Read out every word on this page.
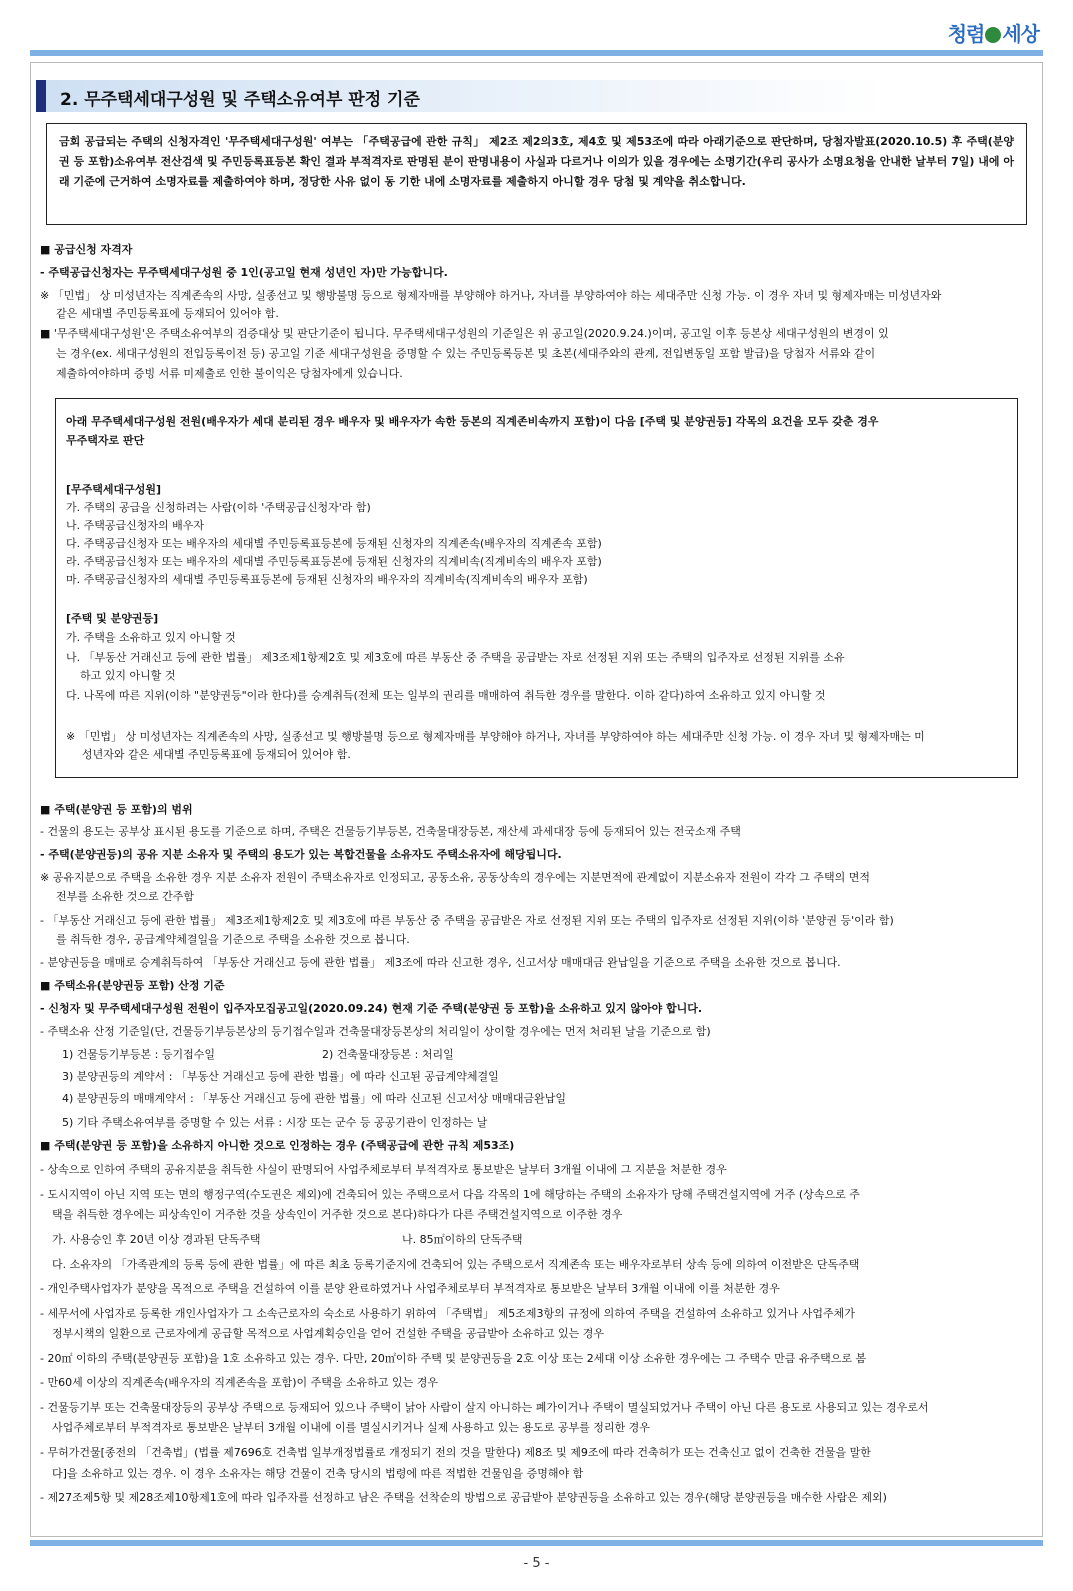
청렴 세상
2. 무주택세대구성원 및 주택소유여부 판정 기준
금회 공급되는 주택의 신청자격인 '무주택세대구성원' 여부는 「주택공급에 관한 규칙」 제2조 제2의3호, 제4호 및 제53조에 따라 아래기준으로 판단하며, 당첨자발표(2020.10.5) 후 주택(분양권 등 포함)소유여부 전산검색 및 주민등록표등본 확인 결과 부적격자로 판명된 분이 판명내용이 사실과 다르거나 이의가 있을 경우에는 소명기간(우리 공사가 소명요청을 안내한 날부터 7일) 내에 아래 기준에 근거하여 소명자료를 제출하여야 하며, 정당한 사유 없이 동 기한 내에 소명자료를 제출하지 아니할 경우 당첨 및 계약을 취소합니다.
■ 공급신청 자격자
- 주택공급신청자는 무주택세대구성원 중 1인(공고일 현재 성년인 자)만 가능합니다.
※ 「민법」 상 미성년자는 직계존속의 사망, 실종선고 및 행방불명 등으로 형제자매를 부양해야 하거나, 자녀를 부양하여야 하는 세대주만 신청 가능. 이 경우 자녀 및 형제자매는 미성년자와
같은 세대별 주민등록표에 등재되어 있어야 함.
■ '무주택세대구성원'은 주택소유여부의 검증대상 및 판단기준이 됩니다. 무주택세대구성원의 기준일은 위 공고일(2020.9.24.)이며, 공고일 이후 등본상 세대구성원의 변경이 있
는 경우(ex. 세대구성원의 전입등록이전 등) 공고일 기준 세대구성원을 증명할 수 있는 주민등록등본 및 초본(세대주와의 관계, 전입변동일 포함 발급)을 당첨자 서류와 같이
제출하여야하며 증빙 서류 미제출로 인한 불이익은 당첨자에게 있습니다.
아래 무주택세대구성원 전원(배우자가 세대 분리된 경우 배우자 및 배우자가 속한 등본의 직계존비속까지 포함)이 다음 [주택 및 분양권등] 각목의 요건을 모두 갖춘 경우
무주택자로 판단
[무주택세대구성원]
가. 주택의 공급을 신청하려는 사람(이하 '주택공급신청자'라 함)
나. 주택공급신청자의 배우자
다. 주택공급신청자 또는 배우자의 세대별 주민등록표등본에 등재된 신청자의 직계존속(배우자의 직계존속 포함)
라. 주택공급신청자 또는 배우자의 세대별 주민등록표등본에 등재된 신청자의 직계비속(직계비속의 배우자 포함)
마. 주택공급신청자의 세대별 주민등록표등본에 등재된 신청자의 배우자의 직계비속(직계비속의 배우자 포함)
[주택 및 분양권등]
가. 주택을 소유하고 있지 아니할 것
나. 「부동산 거래신고 등에 관한 법률」 제3조제1항제2호 및 제3호에 따른 부동산 중 주택을 공급받는 자로 선정된 지위 또는 주택의 입주자로 선정된 지위를 소유
하고 있지 아니할 것
다. 나목에 따른 지위(이하 "분양권등"이라 한다)를 승계취득(전체 또는 일부의 권리를 매매하여 취득한 경우를 말한다. 이하 같다)하여 소유하고 있지 아니할 것
※ 「민법」 상 미성년자는 직계존속의 사망, 실종선고 및 행방불명 등으로 형제자매를 부양해야 하거나, 자녀를 부양하여야 하는 세대주만 신청 가능. 이 경우 자녀 및 형제자매는 미
성년자와 같은 세대별 주민등록표에 등재되어 있어야 함.
■ 주택(분양권 등 포함)의 범위
- 건물의 용도는 공부상 표시된 용도를 기준으로 하며, 주택은 건물등기부등본, 건축물대장등본, 재산세 과세대장 등에 등재되어 있는 전국소재 주택
- 주택(분양권등)의 공유 지분 소유자 및 주택의 용도가 있는 복합건물을 소유자도 주택소유자에 해당됩니다.
※ 공유지분으로 주택을 소유한 경우 지분 소유자 전원이 주택소유자로 인정되고, 공동소유, 공동상속의 경우에는 지분면적에 관계없이 지분소유자 전원이 각각 그 주택의 면적
전부를 소유한 것으로 간주함
- 「부동산 거래신고 등에 관한 법률」 제3조제1항제2호 및 제3호에 따른 부동산 중 주택을 공급받은 자로 선정된 지위 또는 주택의 입주자로 선정된 지위(이하 '분양권 등'이라 함)
를 취득한 경우, 공급계약체결일을 기준으로 주택을 소유한 것으로 봅니다.
- 분양권등을 매매로 승계취득하여 「부동산 거래신고 등에 관한 법률」 제3조에 따라 신고한 경우, 신고서상 매매대금 완납일을 기준으로 주택을 소유한 것으로 봅니다.
■ 주택소유(분양권등 포함) 산정 기준
- 신청자 및 무주택세대구성원 전원이 입주자모집공고일(2020.09.24) 현재 기준 주택(분양권 등 포함)을 소유하고 있지 않아야 합니다.
- 주택소유 산정 기준일(단, 건물등기부등본상의 등기접수일과 건축물대장등본상의 처리일이 상이할 경우에는 먼저 처리된 날을 기준으로 함)
1) 건물등기부등본 : 등기접수일	2) 건축물대장등본 : 처리일
3) 분양권등의 계약서 : 「부동산 거래신고 등에 관한 법률」에 따라 신고된 공급계약체결일
4) 분양권등의 매매계약서 : 「부동산 거래신고 등에 관한 법률」에 따라 신고된 신고서상 매매대금완납일
5) 기타 주택소유여부를 증명할 수 있는 서류 : 시장 또는 군수 등 공공기관이 인정하는 날
■ 주택(분양권 등 포함)을 소유하지 아니한 것으로 인정하는 경우 (주택공급에 관한 규칙 제53조)
- 상속으로 인하여 주택의 공유지분을 취득한 사실이 판명되어 사업주체로부터 부적격자로 통보받은 날부터 3개월 이내에 그 지분을 처분한 경우
- 도시지역이 아닌 지역 또는 면의 행정구역(수도권은 제외)에 건축되어 있는 주택으로서 다음 각목의 1에 해당하는 주택의 소유자가 당해 주택건설지역에 거주 (상속으로 주
택을 취득한 경우에는 피상속인이 거주한 것을 상속인이 거주한 것으로 본다)하다가 다른 주택건설지역으로 이주한 경우
가. 사용승인 후 20년 이상 경과된 단독주택	나. 85㎡이하의 단독주택
다. 소유자의 「가족관계의 등록 등에 관한 법률」에 따른 최초 등록기준지에 건축되어 있는 주택으로서 직계존속 또는 배우자로부터 상속 등에 의하여 이전받은 단독주택
- 개인주택사업자가 분양을 목적으로 주택을 건설하여 이를 분양 완료하였거나 사업주체로부터 부적격자로 통보받은 날부터 3개월 이내에 이를 처분한 경우
- 세무서에 사업자로 등록한 개인사업자가 그 소속근로자의 숙소로 사용하기 위하여 「주택법」 제5조제3항의 규정에 의하여 주택을 건설하여 소유하고 있거나 사업주체가
정부시책의 일환으로 근로자에게 공급할 목적으로 사업계획승인을 얻어 건설한 주택을 공급받아 소유하고 있는 경우
- 20㎡ 이하의 주택(분양권등 포함)을 1호 소유하고 있는 경우. 다만, 20㎡이하 주택 및 분양권등을 2호 이상 또는 2세대 이상 소유한 경우에는 그 주택수 만큼 유주택으로 봄
- 만60세 이상의 직계존속(배우자의 직계존속을 포함)이 주택을 소유하고 있는 경우
- 건물등기부 또는 건축물대장등의 공부상 주택으로 등재되어 있으나 주택이 낡아 사람이 살지 아니하는 폐가이거나 주택이 멸실되었거나 주택이 아닌 다른 용도로 사용되고 있는 경우로서
사업주체로부터 부적격자로 통보받은 날부터 3개월 이내에 이를 멸실시키거나 실제 사용하고 있는 용도로 공부를 정리한 경우
- 무허가건물[종전의 「건축법」(법률 제7696호 건축법 일부개정법률로 개정되기 전의 것을 말한다) 제8조 및 제9조에 따라 건축허가 또는 건축신고 없이 건축한 건물을 말한
다]을 소유하고 있는 경우. 이 경우 소유자는 해당 건물이 건축 당시의 법령에 따른 적법한 건물임을 증명해야 함
- 제27조제5항 및 제28조제10항제1호에 따라 입주자를 선정하고 남은 주택을 선착순의 방법으로 공급받아 분양권등을 소유하고 있는 경우(해당 분양권등을 매수한 사람은 제외)
- 5 -
